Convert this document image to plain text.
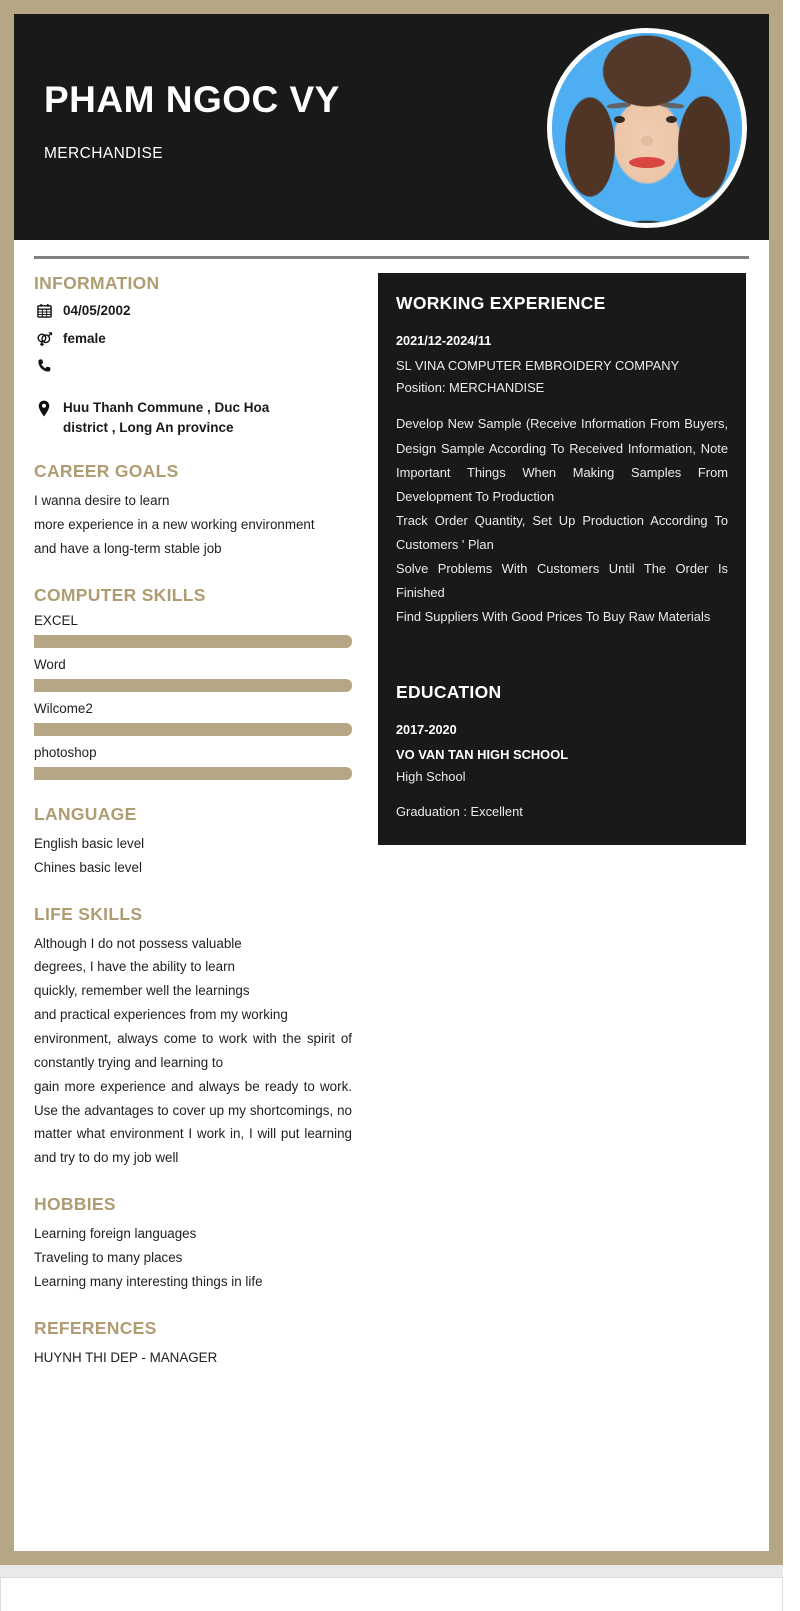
PHAM NGOC VY
MERCHANDISE
INFORMATION
04/05/2002
female
Huu Thanh Commune , Duc Hoa
district , Long An province
CAREER GOALS
I wanna desire to learn
more experience in a new working environment
and have a long-term stable job
COMPUTER SKILLS
EXCEL
Word
Wilcome2
photoshop
LANGUAGE
English basic level
Chines basic level
LIFE SKILLS
Although I do not possess valuable
degrees, I have the ability to learn
quickly, remember well the learnings
and practical experiences from my working
environment, always come to work with the spirit of constantly trying and learning to
gain more experience and always be ready to work. Use the advantages to cover up my shortcomings, no matter what environment I work in, I will put learning and try to do my job well
HOBBIES
Learning foreign languages
Traveling to many places
Learning many interesting things in life
REFERENCES
HUYNH THI DEP - MANAGER
WORKING EXPERIENCE
2021/12-2024/11
SL VINA COMPUTER EMBROIDERY COMPANY
Position: MERCHANDISE
Develop New Sample (Receive Information From Buyers, Design Sample According To Received Information, Note Important Things When Making Samples From Development To Production
Track Order Quantity, Set Up Production According To Customers ' Plan
Solve Problems With Customers Until The Order Is Finished
Find Suppliers With Good Prices To Buy Raw Materials
EDUCATION
2017-2020
VO VAN TAN HIGH SCHOOL
High School
Graduation : Excellent
